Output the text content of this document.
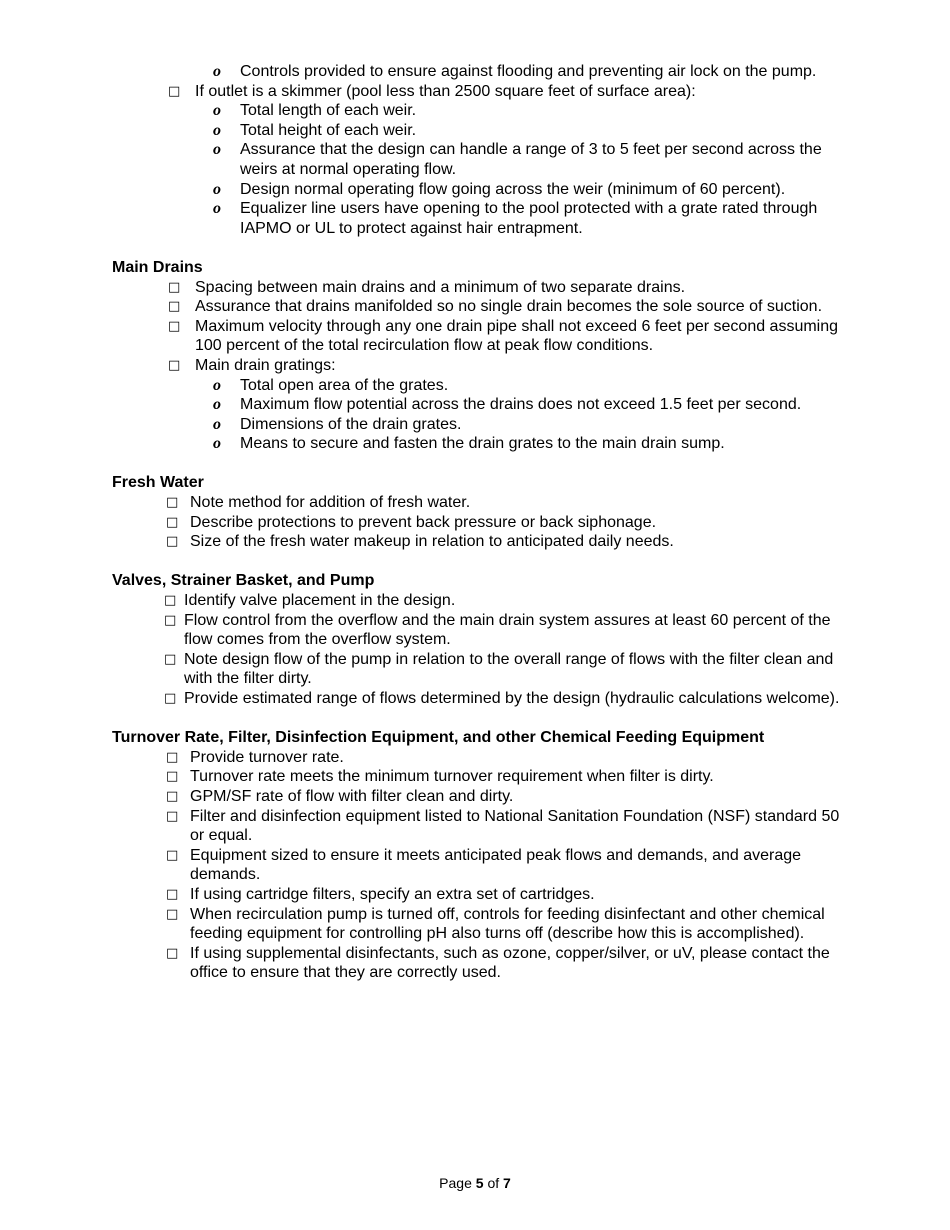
o Controls provided to ensure against flooding and preventing air lock on the pump.
□ If outlet is a skimmer (pool less than 2500 square feet of surface area):
o Total length of each weir.
o Total height of each weir.
o Assurance that the design can handle a range of 3 to 5 feet per second across the weirs at normal operating flow.
o Design normal operating flow going across the weir (minimum of 60 percent).
o Equalizer line users have opening to the pool protected with a grate rated through IAPMO or UL to protect against hair entrapment.
Main Drains
□ Spacing between main drains and a minimum of two separate drains.
□ Assurance that drains manifolded so no single drain becomes the sole source of suction.
□ Maximum velocity through any one drain pipe shall not exceed 6 feet per second assuming 100 percent of the total recirculation flow at peak flow conditions.
□ Main drain gratings:
o Total open area of the grates.
o Maximum flow potential across the drains does not exceed 1.5 feet per second.
o Dimensions of the drain grates.
o Means to secure and fasten the drain grates to the main drain sump.
Fresh Water
□ Note method for addition of fresh water.
□ Describe protections to prevent back pressure or back siphonage.
□ Size of the fresh water makeup in relation to anticipated daily needs.
Valves, Strainer Basket, and Pump
□ Identify valve placement in the design.
□ Flow control from the overflow and the main drain system assures at least 60 percent of the flow comes from the overflow system.
□ Note design flow of the pump in relation to the overall range of flows with the filter clean and with the filter dirty.
□ Provide estimated range of flows determined by the design (hydraulic calculations welcome).
Turnover Rate, Filter, Disinfection Equipment, and other Chemical Feeding Equipment
□ Provide turnover rate.
□ Turnover rate meets the minimum turnover requirement when filter is dirty.
□ GPM/SF rate of flow with filter clean and dirty.
□ Filter and disinfection equipment listed to National Sanitation Foundation (NSF) standard 50 or equal.
□ Equipment sized to ensure it meets anticipated peak flows and demands, and average demands.
□ If using cartridge filters, specify an extra set of cartridges.
□ When recirculation pump is turned off, controls for feeding disinfectant and other chemical feeding equipment for controlling pH also turns off (describe how this is accomplished).
□ If using supplemental disinfectants, such as ozone, copper/silver, or uV, please contact the office to ensure that they are correctly used.
Page 5 of 7
